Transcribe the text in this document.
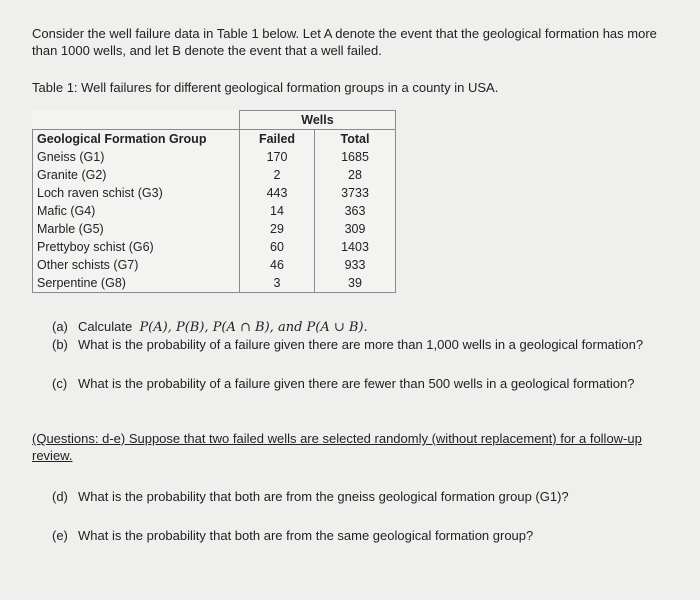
Consider the well failure data in Table 1 below. Let A denote the event that the geological formation has more than 1000 wells, and let B denote the event that a well failed.
Table 1: Well failures for different geological formation groups in a county in USA.
	Wells	
Geological Formation Group	Failed	Total
Gneiss (G1)	170	1685
Granite (G2)	2	28
Loch raven schist (G3)	443	3733
Mafic (G4)	14	363
Marble (G5)	29	309
Prettyboy schist (G6)	60	1403
Other schists (G7)	46	933
Serpentine (G8)	3	39
(a) Calculate P(A), P(B), P(A ∩ B), and P(A ∪ B).
(b) What is the probability of a failure given there are more than 1,000 wells in a geological formation?
(c) What is the probability of a failure given there are fewer than 500 wells in a geological formation?
(Questions: d-e) Suppose that two failed wells are selected randomly (without replacement) for a follow-up review.
(d) What is the probability that both are from the gneiss geological formation group (G1)?
(e) What is the probability that both are from the same geological formation group?
